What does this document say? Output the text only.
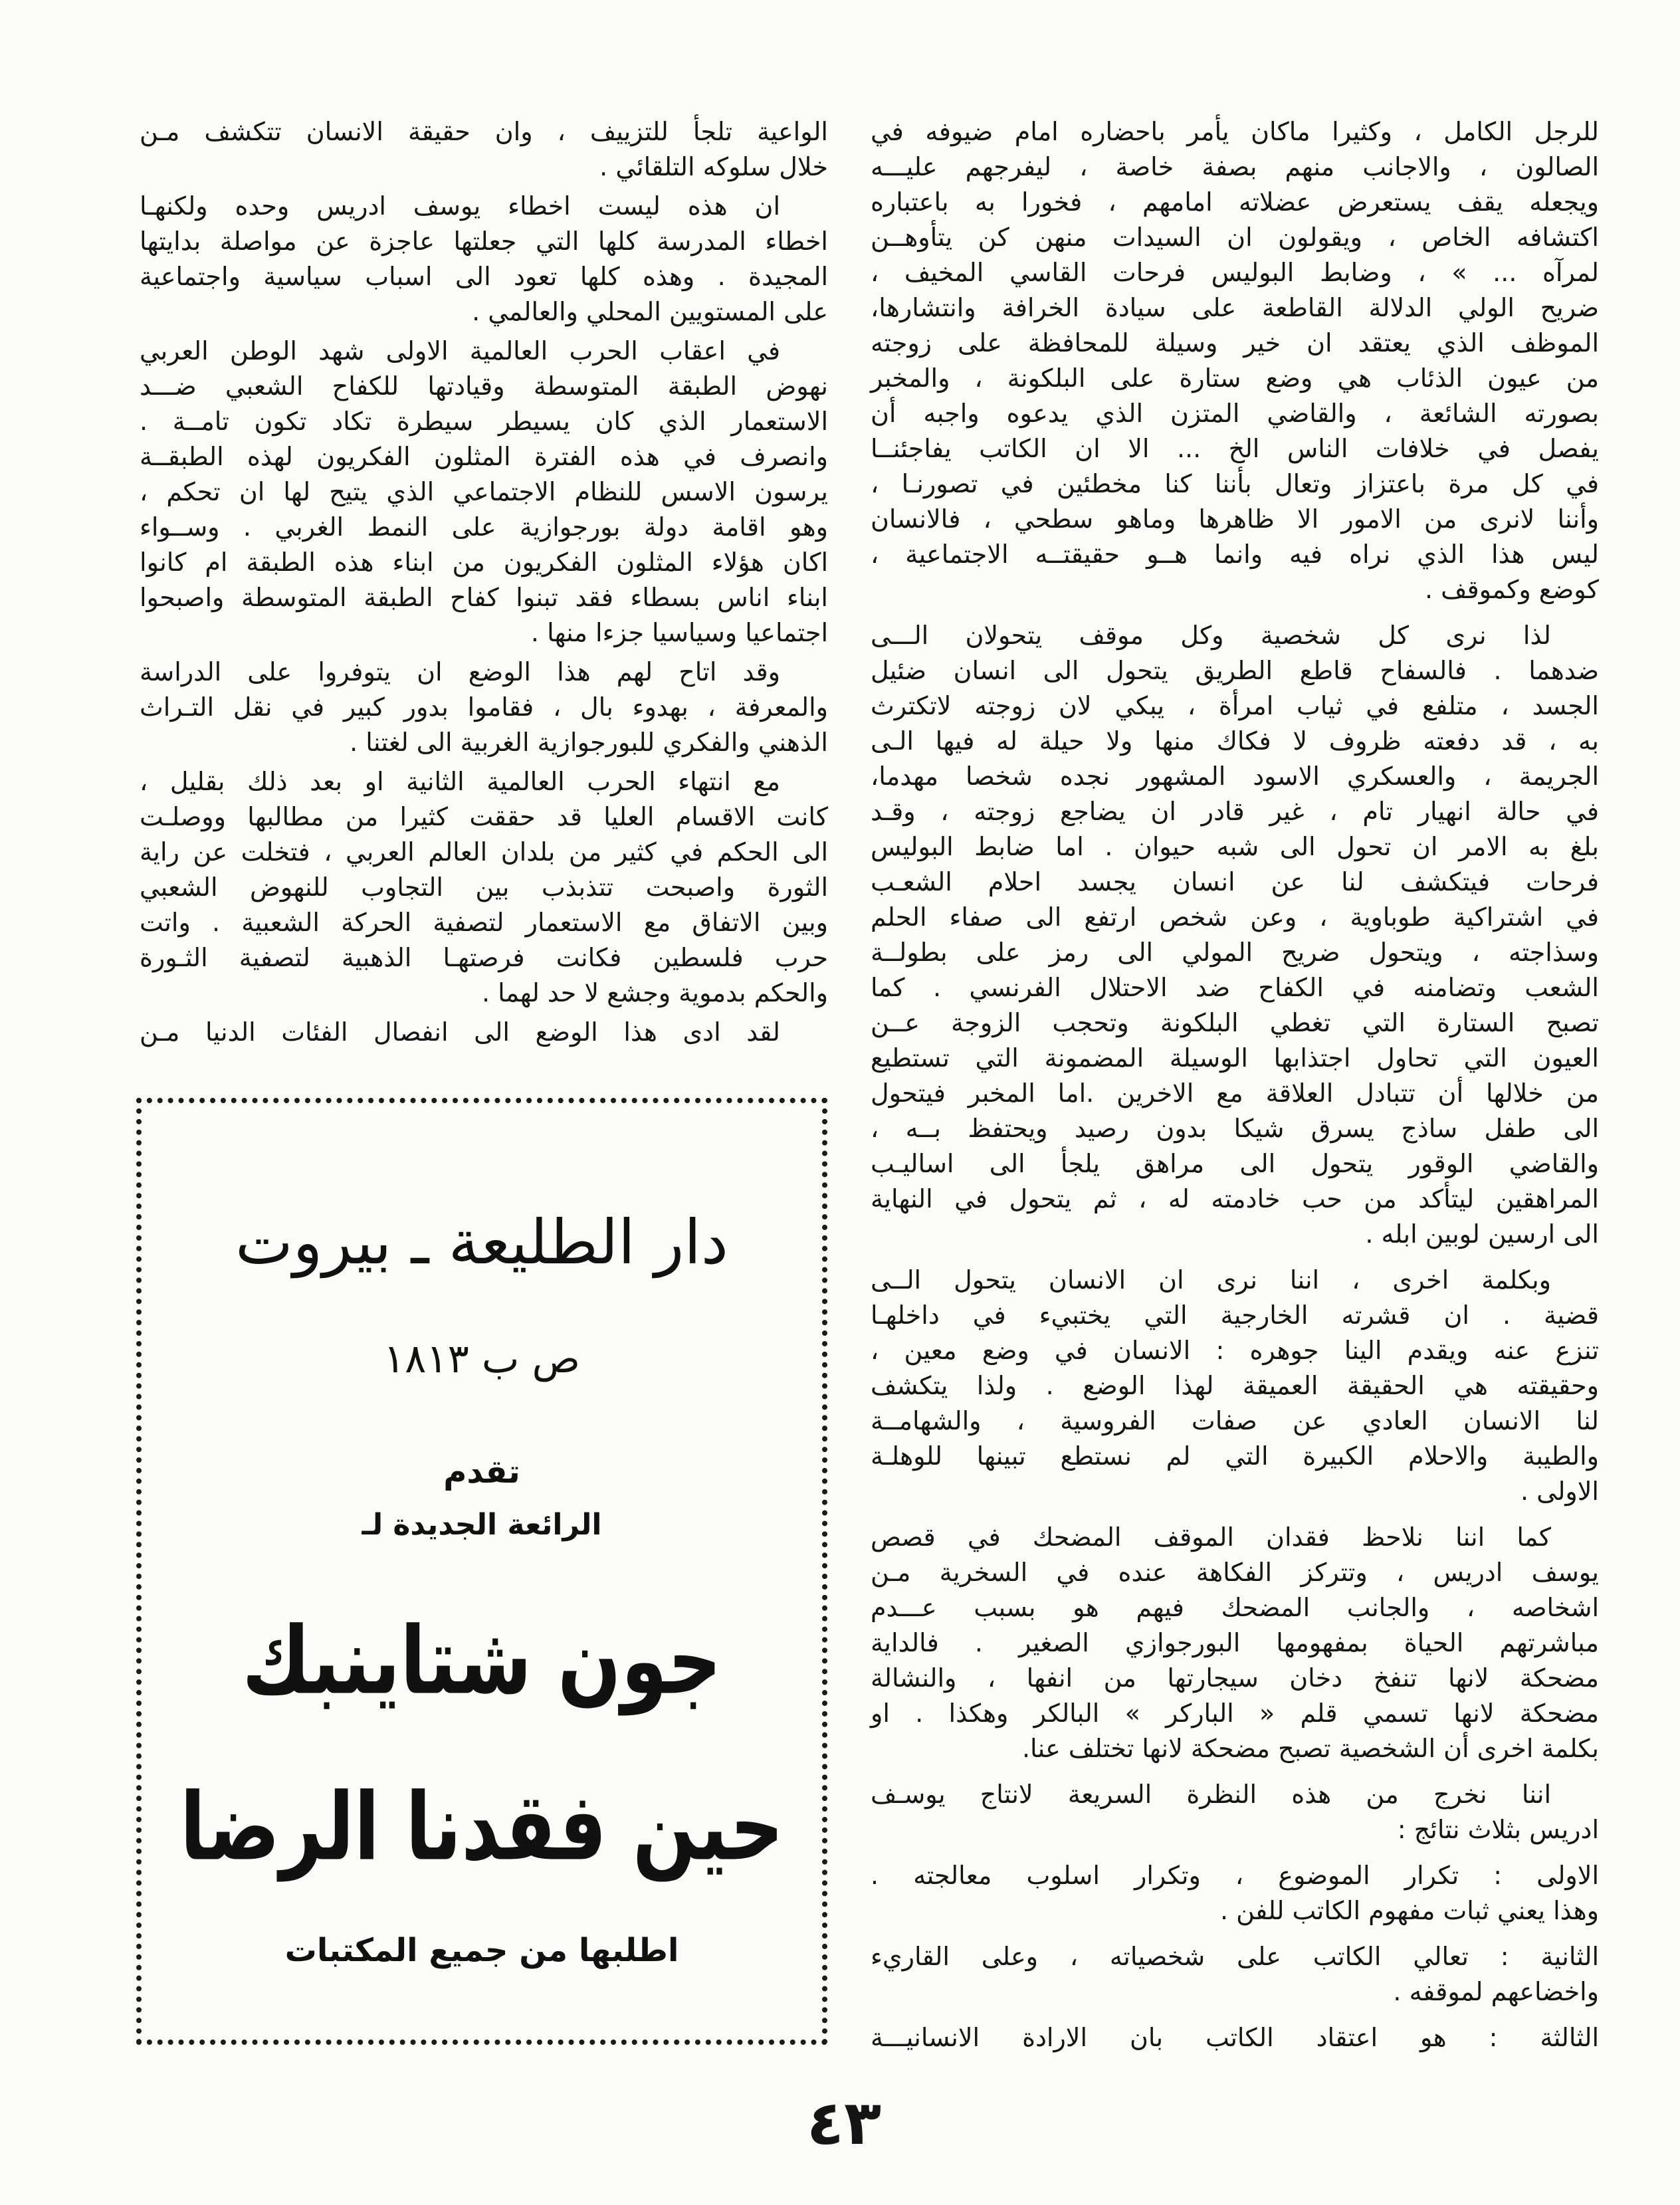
للرجل الكامل ، وكثيرا ماكان يأمر باحضاره امام ضيوفه في
الصالون ، والاجانب منهم بصفة خاصة ، ليفرجهم عليـــه
ويجعله يقف يستعرض عضلاته امامهم ، فخورا به باعتباره
اكتشافه الخاص ، ويقولون ان السيدات منهن كن يتأوهــن
لمرآه ... » ، وضابط البوليس فرحات القاسي المخيف ،
ضريح الولي الدلالة القاطعة على سيادة الخرافة وانتشارها،
الموظف الذي يعتقد ان خير وسيلة للمحافظة على زوجته
من عيون الذئاب هي وضع ستارة على البلكونة ، والمخبر
بصورته الشائعة ، والقاضي المتزن الذي يدعوه واجبه أن
يفصل في خلافات الناس الخ ... الا ان الكاتب يفاجئنــا
في كل مرة باعتزاز وتعال بأننا كنا مخطئين في تصورنـا ،
وأننا لانرى من الامور الا ظاهرها وماهو سطحي ، فالانسان
ليس هذا الذي نراه فيه وانما هــو حقيقتــه الاجتماعية ،
كوضع وكموقف .
لذا نرى كل شخصية وكل موقف يتحولان الـــى
ضدهما . فالسفاح قاطع الطريق يتحول الى انسان ضئيل
الجسد ، متلفع في ثياب امرأة ، يبكي لان زوجته لاتكترث
به ، قد دفعته ظروف لا فكاك منها ولا حيلة له فيها الـى
الجريمة ، والعسكري الاسود المشهور نجده شخصا مهدما،
في حالة انهيار تام ، غير قادر ان يضاجع زوجته ، وقـد
بلغ به الامر ان تحول الى شبه حيوان . اما ضابط البوليس
فرحات فيتكشف لنا عن انسان يجسد احلام الشعـب
في اشتراكية طوباوية ، وعن شخص ارتفع الى صفاء الحلم
وسذاجته ، ويتحول ضريح المولي الى رمز على بطولــة
الشعب وتضامنه في الكفاح ضد الاحتلال الفرنسي . كما
تصبح الستارة التي تغطي البلكونة وتحجب الزوجة عــن
العيون التي تحاول اجتذابها الوسيلة المضمونة التي تستطيع
من خلالها أن تتبادل العلاقة مع الاخرين .اما المخبر فيتحول
الى طفل ساذج يسرق شيكا بدون رصيد ويحتفظ بــه ،
والقاضي الوقور يتحول الى مراهق يلجأ الى اساليـب
المراهقين ليتأكد من حب خادمته له ، ثم يتحول في النهاية
الى ارسين لوبين ابله .
وبكلمة اخرى ، اننا نرى ان الانسان يتحول الــى
قضية . ان قشرته الخارجية التي يختبيء في داخلهـا
تنزع عنه ويقدم الينا جوهره : الانسان في وضع معين ،
وحقيقته هي الحقيقة العميقة لهذا الوضع . ولذا يتكشف
لنا الانسان العادي عن صفات الفروسية ، والشهامــة
والطيبة والاحلام الكبيرة التي لم نستطع تبينها للوهلـة
الاولى .
كما اننا نلاحظ فقدان الموقف المضحك في قصص
يوسف ادريس ، وتتركز الفكاهة عنده في السخرية مـن
اشخاصه ، والجانب المضحك فيهم هو بسبب عـــدم
مباشرتهم الحياة بمفهومها البورجوازي الصغير . فالداية
مضحكة لانها تنفخ دخان سيجارتها من انفها ، والنشالة
مضحكة لانها تسمي قلم « الباركر » البالكر وهكذا . او
بكلمة اخرى أن الشخصية تصبح مضحكة لانها تختلف عنا.
اننا نخرج من هذه النظرة السريعة لانتاج يوسـف
ادريس بثلاث نتائج :
الاولى : تكرار الموضوع ، وتكرار اسلوب معالجته .
وهذا يعني ثبات مفهوم الكاتب للفن .
الثانية : تعالي الكاتب على شخصياته ، وعلى القاريء
واخضاعهم لموقفه .
الثالثة : هو اعتقاد الكاتب بان الارادة الانسانيـــة
الواعية تلجأ للتزييف ، وان حقيقة الانسان تتكشف مـن
خلال سلوكه التلقائي .
ان هذه ليست اخطاء يوسف ادريس وحده ولكنهـا
اخطاء المدرسة كلها التي جعلتها عاجزة عن مواصلة بدايتها
المجيدة . وهذه كلها تعود الى اسباب سياسية واجتماعية
على المستويين المحلي والعالمي .
في اعقاب الحرب العالمية الاولى شهد الوطن العربي
نهوض الطبقة المتوسطة وقيادتها للكفاح الشعبي ضـــد
الاستعمار الذي كان يسيطر سيطرة تكاد تكون تامــة .
وانصرف في هذه الفترة المثلون الفكريون لهذه الطبقــة
يرسون الاسس للنظام الاجتماعي الذي يتيح لها ان تحكم ،
وهو اقامة دولة بورجوازية على النمط الغربي . وســواء
اكان هؤلاء المثلون الفكريون من ابناء هذه الطبقة ام كانوا
ابناء اناس بسطاء فقد تبنوا كفاح الطبقة المتوسطة واصبحوا
اجتماعيا وسياسيا جزءا منها .
وقد اتاح لهم هذا الوضع ان يتوفروا على الدراسة
والمعرفة ، بهدوء بال ، فقاموا بدور كبير في نقل التـراث
الذهني والفكري للبورجوازية الغربية الى لغتنا .
مع انتهاء الحرب العالمية الثانية او بعد ذلك بقليل ،
كانت الاقسام العليا قد حققت كثيرا من مطالبها ووصلـت
الى الحكم في كثير من بلدان العالم العربي ، فتخلت عن راية
الثورة واصبحت تتذبذب بين التجاوب للنهوض الشعبي
وبين الاتفاق مع الاستعمار لتصفية الحركة الشعبية . واتت
حرب فلسطين فكانت فرصتهـا الذهبية لتصفية الثـورة
والحكم بدموية وجشع لا حد لهما .
لقد ادى هذا الوضع الى انفصال الفئات الدنيا مـن
دار الطليعة ـ بيروت
ص ب ١٨١٣
تقدم
الرائعة الجديدة لـ
جون شتاينبك
حين فقدنا الرضا
اطلبها من جميع المكتبات
٤٣
